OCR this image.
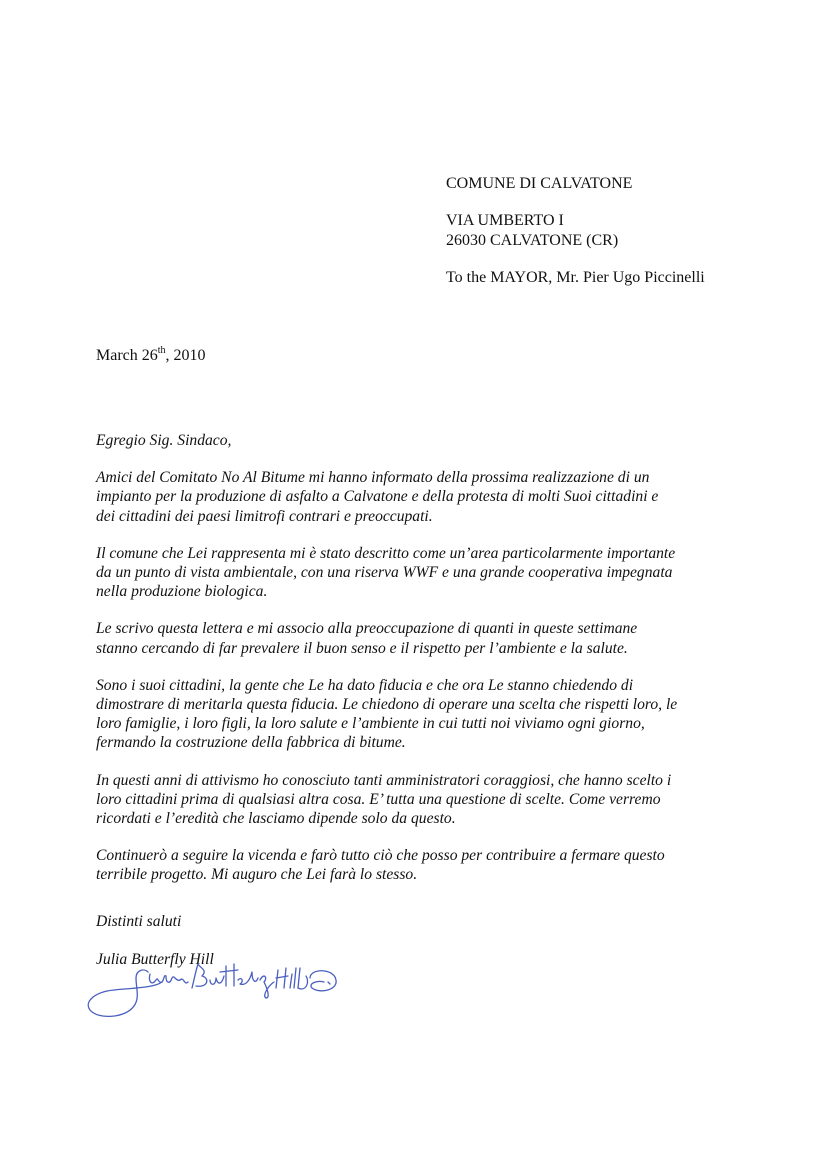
COMUNE DI CALVATONE
VIA UMBERTO I
26030 CALVATONE (CR)
To the MAYOR, Mr. Pier Ugo Piccinelli
March 26th, 2010

Egregio Sig. Sindaco,

Amici del Comitato No Al Bitume mi hanno informato della prossima realizzazione di un
impianto per la produzione di asfalto a Calvatone e della protesta di molti Suoi cittadini e
dei cittadini dei paesi limitrofi contrari e preoccupati.

Il comune che Lei rappresenta mi è stato descritto come un’area particolarmente importante
da un punto di vista ambientale, con una riserva WWF e una grande cooperativa impegnata
nella produzione biologica.

Le scrivo questa lettera e mi associo alla preoccupazione di quanti in queste settimane
stanno cercando di far prevalere il buon senso e il rispetto per l’ambiente e la salute.

Sono i suoi cittadini, la gente che Le ha dato fiducia e che ora Le stanno chiedendo di
dimostrare di meritarla questa fiducia. Le chiedono di operare una scelta che rispetti loro, le
loro famiglie, i loro figli, la loro salute e l’ambiente in cui tutti noi viviamo ogni giorno,
fermando la costruzione della fabbrica di bitume.

In questi anni di attivismo ho conosciuto tanti amministratori coraggiosi, che hanno scelto i
loro cittadini prima di qualsiasi altra cosa. E’ tutta una questione di scelte. Come verremo
ricordati e l’eredità che lasciamo dipende solo da questo.

Continuerò a seguire la vicenda e farò tutto ciò che posso per contribuire a fermare questo
terribile progetto. Mi auguro che Lei farà lo stesso.

Distinti saluti
Julia Butterfly Hill
